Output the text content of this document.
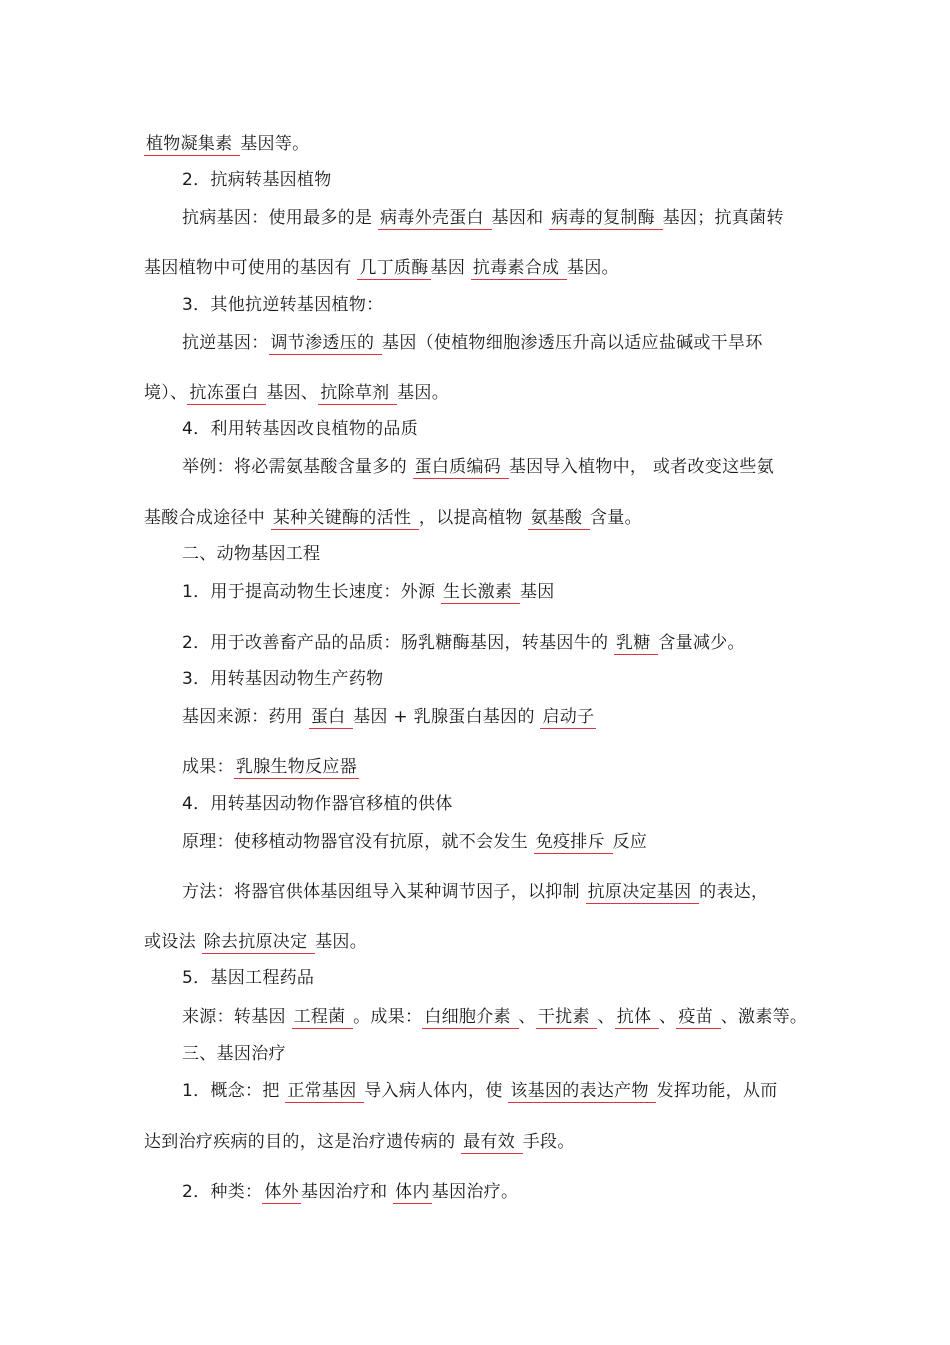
植物凝集素 基因等。
2．抗病转基因植物
抗病基因：使用最多的是 病毒外壳蛋白 基因和 病毒的复制酶 基因；抗真菌转
基因植物中可使用的基因有 几丁质酶 基因 抗毒素合成 基因。
3．其他抗逆转基因植物：
抗逆基因： 调节渗透压的 基因（使植物细胞渗透压升高以适应盐碱或干旱环
境）、 抗冻蛋白 基因、 抗除草剂 基因。
4．利用转基因改良植物的品质
举例：将必需氨基酸含量多的 蛋白质编码 基因导入植物中， 或者改变这些氨
基酸合成途径中 某种关键酶的活性 ，以提高植物 氨基酸 含量。
二、动物基因工程
1．用于提高动物生长速度：外源 生长激素 基因
2．用于改善畜产品的品质：肠乳糖酶基因，转基因牛的 乳糖 含量减少。
3．用转基因动物生产药物
基因来源：药用 蛋白 基因 + 乳腺蛋白基因的 启动子
成果： 乳腺生物反应器
4．用转基因动物作器官移植的供体
原理：使移植动物器官没有抗原，就不会发生 免疫排斥 反应
方法：将器官供体基因组导入某种调节因子，以抑制 抗原决定基因 的表达，
或设法 除去抗原决定 基因。
5．基因工程药品
来源：转基因 工程菌 。成果： 白细胞介素 、 干扰素 、 抗体 、 疫苗 、激素等。
三、基因治疗
1．概念：把 正常基因 导入病人体内，使 该基因的表达产物 发挥功能，从而
达到治疗疾病的目的，这是治疗遗传病的 最有效 手段。
2．种类： 体外 基因治疗和 体内 基因治疗。
